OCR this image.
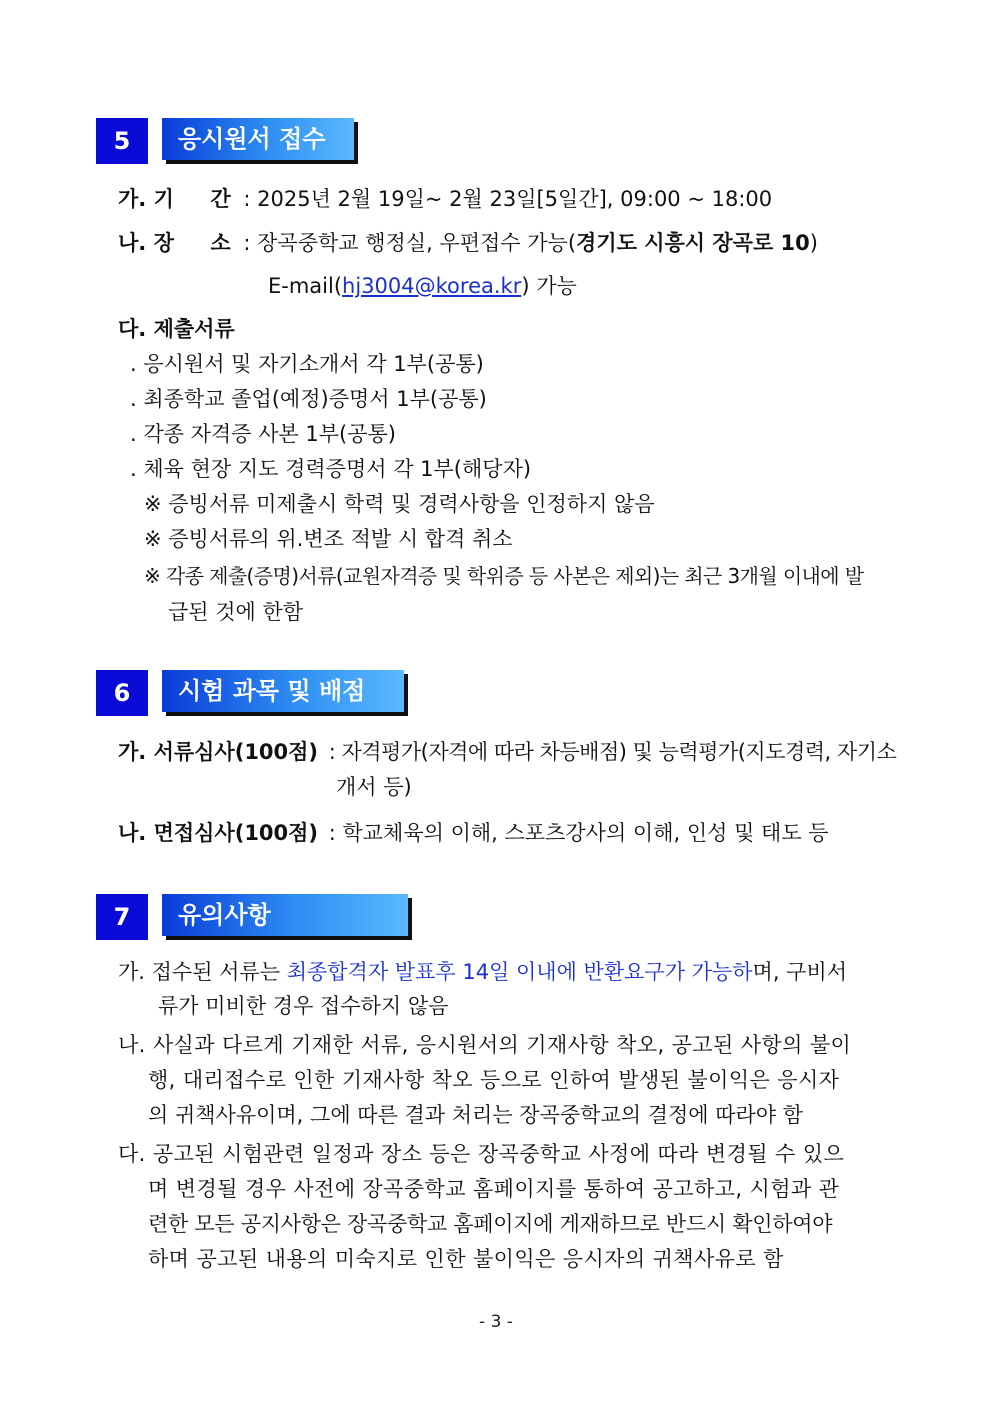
5	응시원서 접수
가. 기     간 : 2025년 2월 19일~ 2월 23일[5일간], 09:00 ~ 18:00
나. 장     소 : 장곡중학교 행정실, 우편접수 가능(경기도 시흥시 장곡로 10)
E-mail(hj3004@korea.kr) 가능
다. 제출서류
. 응시원서 및 자기소개서 각 1부(공통)
. 최종학교 졸업(예정)증명서 1부(공통)
. 각종 자격증 사본 1부(공통)
. 체육 현장 지도 경력증명서 각 1부(해당자)
※ 증빙서류 미제출시 학력 및 경력사항을 인정하지 않음
※ 증빙서류의 위.변조 적발 시 합격 취소
※ 각종 제출(증명)서류(교원자격증 및 학위증 등 사본은 제외)는 최근 3개월 이내에 발
급된 것에 한함
6	시험 과목 및 배점
가. 서류심사(100점) : 자격평가(자격에 따라 차등배점) 및 능력평가(지도경력, 자기소
개서 등)
나. 면접심사(100점) : 학교체육의 이해, 스포츠강사의 이해, 인성 및 태도 등
7	유의사항
가. 접수된 서류는 최종합격자 발표후 14일 이내에 반환요구가 가능하며, 구비서
류가 미비한 경우 접수하지 않음
나. 사실과 다르게 기재한 서류, 응시원서의 기재사항 착오, 공고된 사항의 불이
행, 대리접수로 인한 기재사항 착오 등으로 인하여 발생된 불이익은 응시자
의 귀책사유이며, 그에 따른 결과 처리는 장곡중학교의 결정에 따라야 함
다. 공고된 시험관련 일정과 장소 등은 장곡중학교 사정에 따라 변경될 수 있으
며 변경될 경우 사전에 장곡중학교 홈페이지를 통하여 공고하고, 시험과 관
련한 모든 공지사항은 장곡중학교 홈페이지에 게재하므로 반드시 확인하여야
하며 공고된 내용의 미숙지로 인한 불이익은 응시자의 귀책사유로 함
- 3 -
